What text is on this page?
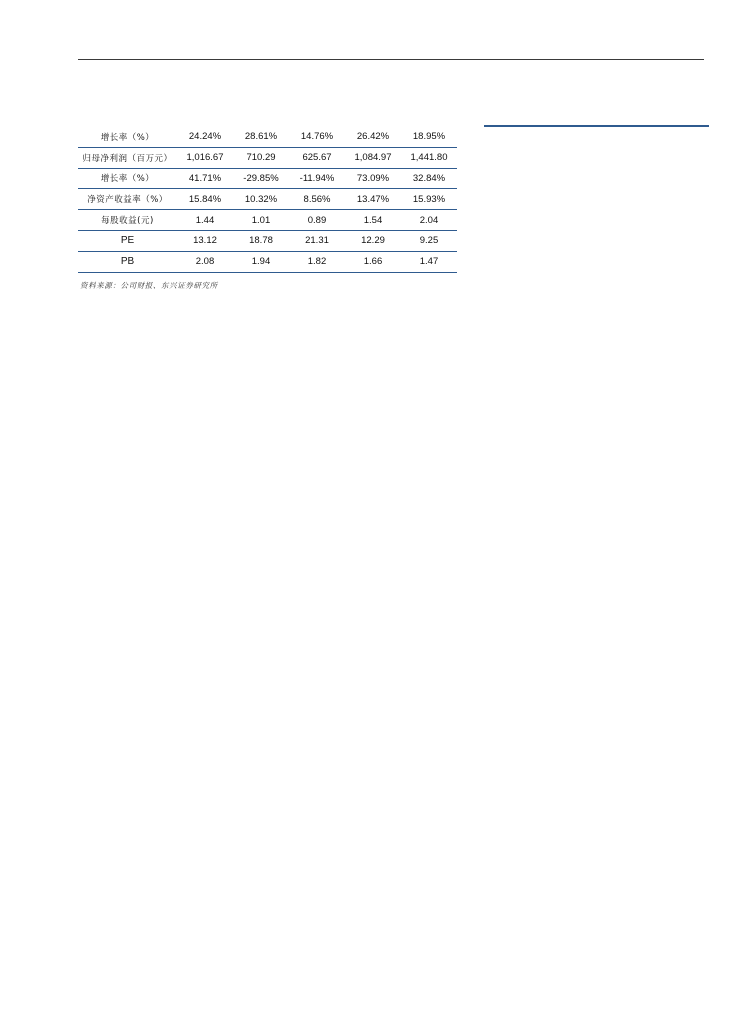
增长率（%）	24.24%	28.61%	14.76%	26.42%	18.95%
归母净利润（百万元）	1,016.67	710.29	625.67	1,084.97	1,441.80
增长率（%）	41.71%	-29.85%	-11.94%	73.09%	32.84%
净资产收益率（%）	15.84%	10.32%	8.56%	13.47%	15.93%
每股收益(元)	1.44	1.01	0.89	1.54	2.04
PE	13.12	18.78	21.31	12.29	9.25
PB	2.08	1.94	1.82	1.66	1.47
资料来源：公司财报、东兴证券研究所
